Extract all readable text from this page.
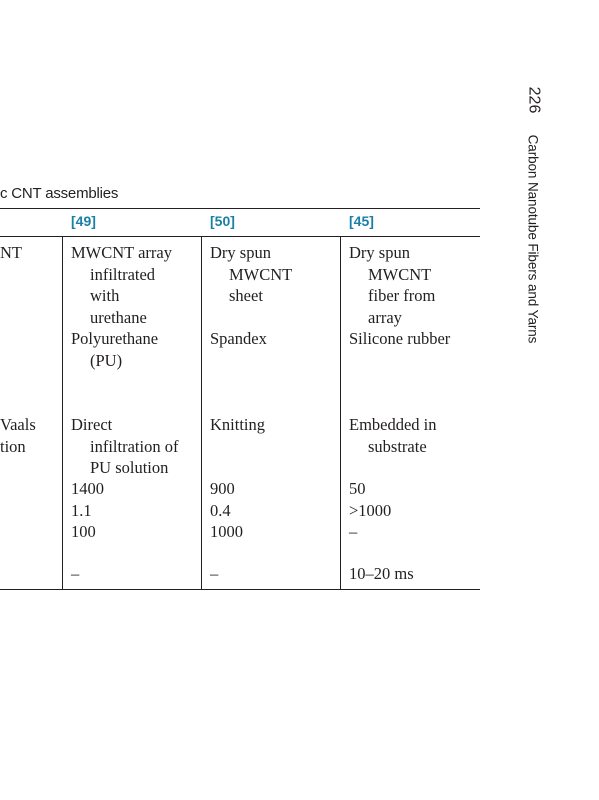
c CNT assemblies
[49]	[50]	[45]
NT
Vaals
tion
MWCNT array
infiltrated
with
urethane
Polyurethane
(PU)
Direct
infiltration of
PU solution
1400
1.1
100
–
Dry spun
MWCNT
sheet
Spandex
Knitting
900
0.4
1000
–
Dry spun
MWCNT
fiber from
array
Silicone rubber
Embedded in
substrate
50
>1000
–
10–20 ms
226
Carbon Nanotube Fibers and Yarns
